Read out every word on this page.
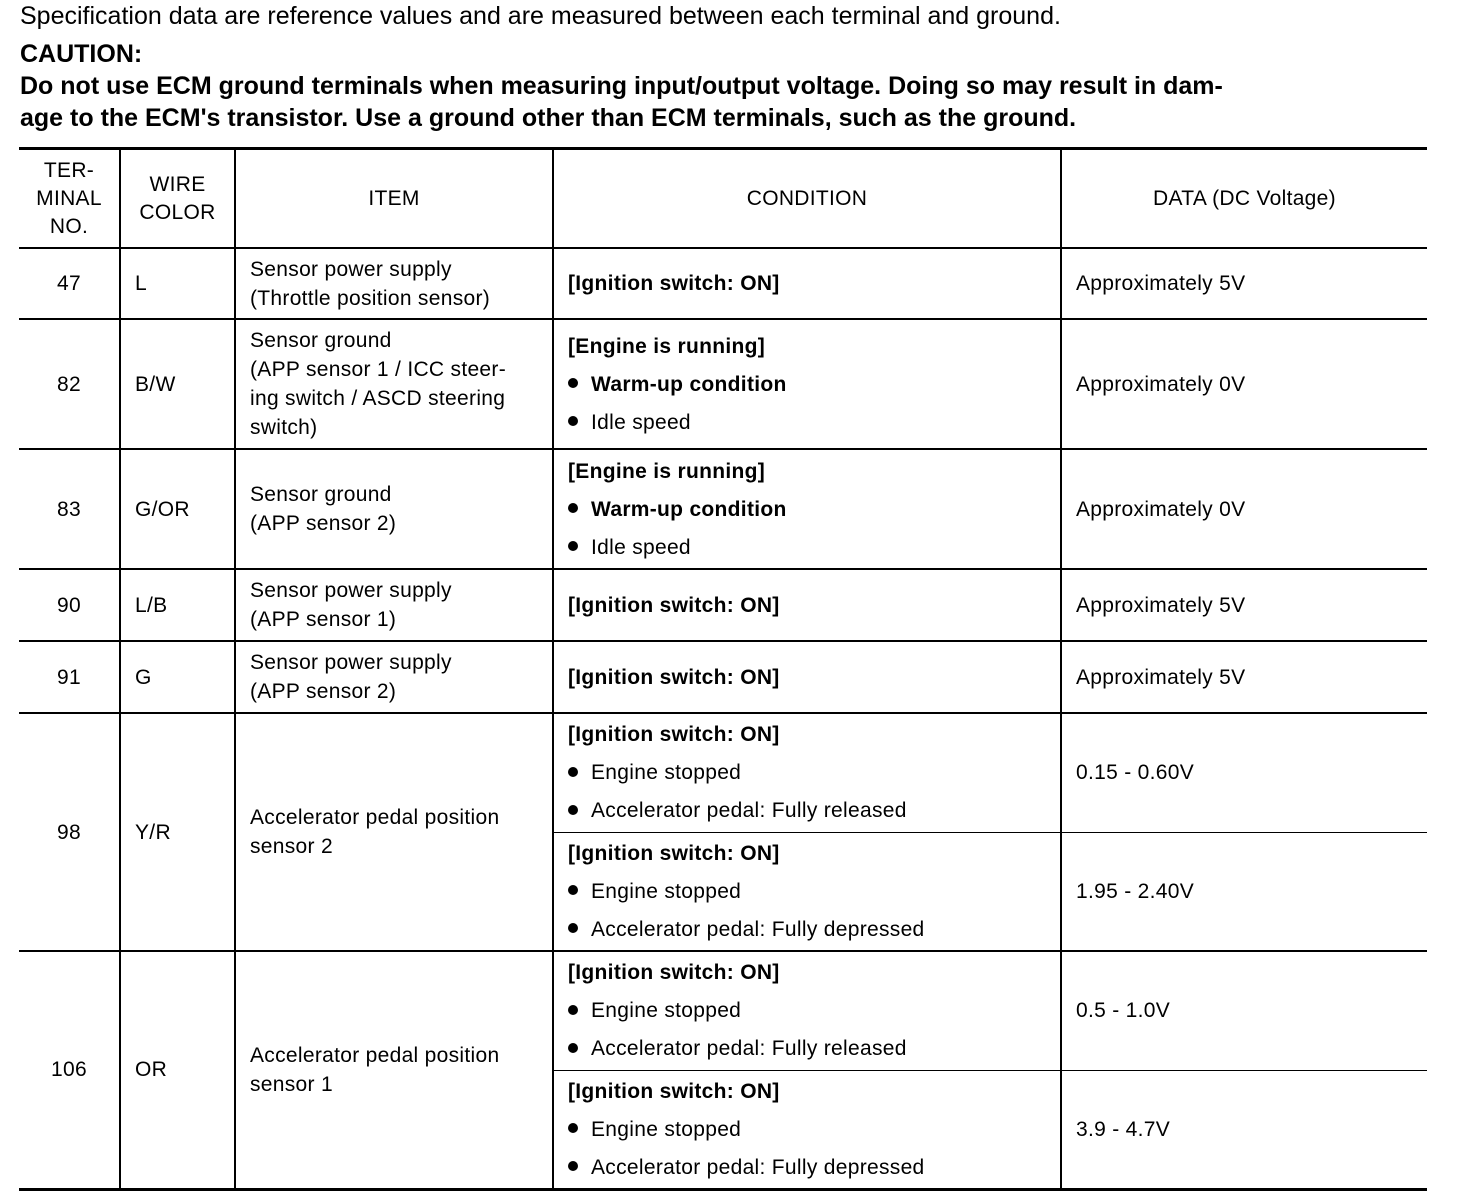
Specification data are reference values and are measured between each terminal and ground.

CAUTION:

Do not use ECM ground terminals when measuring input/output voltage. Doing so may result in dam-
age to the ECM's transistor. Use a ground other than ECM terminals, such as the ground.

TER-
MINAL
NO.	WIRE
COLOR	ITEM	CONDITION	DATA (DC Voltage)
47	L	Sensor power supply
(Throttle position sensor)	[Ignition switch: ON]	Approximately 5V
82	B/W	Sensor ground
(APP sensor 1 / ICC steer-
ing switch / ASCD steering
switch)	[Engine is running]
Warm-up condition
Idle speed	Approximately 0V
83	G/OR	Sensor ground
(APP sensor 2)	[Engine is running]
Warm-up condition
Idle speed	Approximately 0V
90	L/B	Sensor power supply
(APP sensor 1)	[Ignition switch: ON]	Approximately 5V
91	G	Sensor power supply
(APP sensor 2)	[Ignition switch: ON]	Approximately 5V
98	Y/R	Accelerator pedal position
sensor 2	[Ignition switch: ON]
Engine stopped
Accelerator pedal: Fully released	0.15 - 0.60V

			[Ignition switch: ON]
Engine stopped
Accelerator pedal: Fully depressed	1.95 - 2.40V
106	OR	Accelerator pedal position
sensor 1	[Ignition switch: ON]
Engine stopped
Accelerator pedal: Fully released	0.5 - 1.0V

			[Ignition switch: ON]
Engine stopped
Accelerator pedal: Fully depressed	3.9 - 4.7V
